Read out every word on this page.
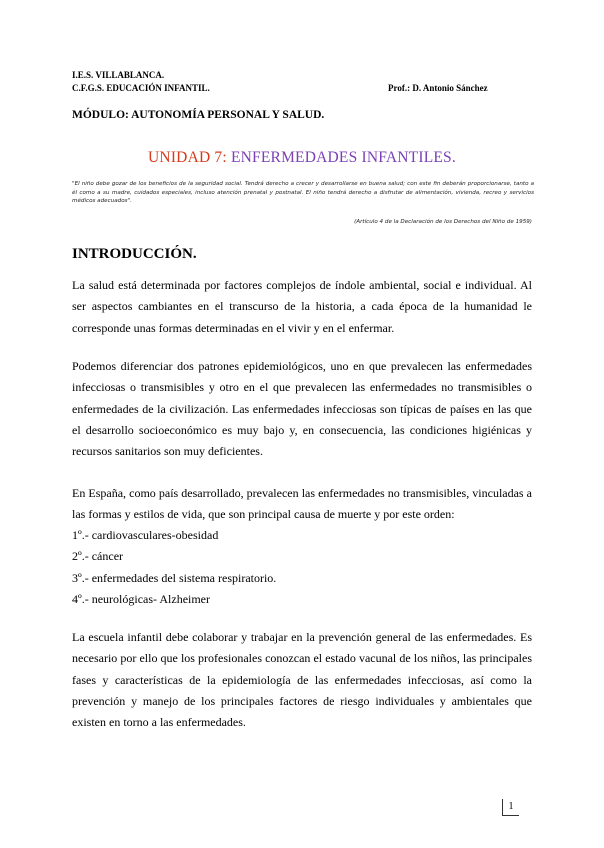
I.E.S. VILLABLANCA.
C.F.G.S. EDUCACIÓN INFANTIL.	Prof.: D. Antonio Sánchez
MÓDULO: AUTONOMÍA PERSONAL Y SALUD.
UNIDAD 7: ENFERMEDADES INFANTILES.
"El niño debe gozar de los beneficios de la seguridad social. Tendrá derecho a crecer y desarrollarse en buena salud; con este fin deberán proporcionarse, tanto a él como a su madre, cuidados especiales, incluso atención prenatal y postnatal. El niño tendrá derecho a disfrutar de alimentación, vivienda, recreo y servicios médicos adecuados".
(Artículo 4 de la Declaración de los Derechos del Niño de 1959)
INTRODUCCIÓN.
La salud está determinada por factores complejos de índole ambiental, social e individual. Al ser aspectos cambiantes en el transcurso de la historia, a cada época de la humanidad le corresponde unas formas determinadas en el vivir y en el enfermar.
Podemos diferenciar dos patrones epidemiológicos, uno en que prevalecen las enfermedades infecciosas o transmisibles y otro en el que prevalecen las enfermedades no transmisibles o enfermedades de la civilización. Las enfermedades infecciosas son típicas de países en las que el desarrollo socioeconómico es muy bajo y, en consecuencia, las condiciones higiénicas y recursos sanitarios son muy deficientes.
En España, como país desarrollado, prevalecen las enfermedades no transmisibles, vinculadas a las formas y estilos de vida, que son principal causa de muerte y por este orden:
1º.- cardiovasculares-obesidad
2º.- cáncer
3º.- enfermedades del sistema respiratorio.
4º.- neurológicas- Alzheimer
La escuela infantil debe colaborar y trabajar en la prevención general de las enfermedades. Es necesario por ello que los profesionales conozcan el estado vacunal de los niños, las principales fases y características de la epidemiología de las enfermedades infecciosas, así como la prevención y manejo de los principales factores de riesgo individuales y ambientales que existen en torno a las enfermedades.
1
